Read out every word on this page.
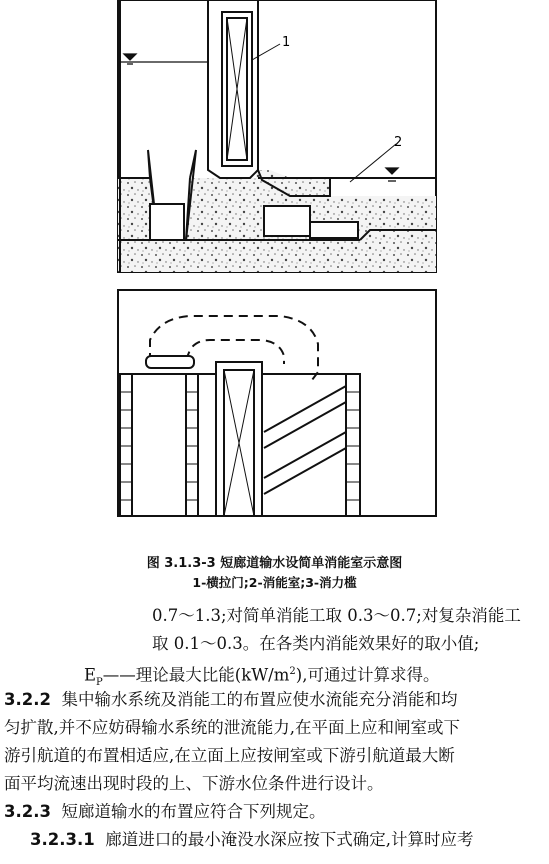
1
2
图 3.1.3-3 短廊道输水设简单消能室示意图
1-横拉门;2-消能室;3-消力槛
0.7～1.3;对简单消能工取 0.3～0.7;对复杂消能工
取 0.1～0.3。在各类内消能效果好的取小值;
$E_P——$理论最大比能$(kW/m^2)$,可通过计算求得。
3.2.2 集中输水系统及消能工的布置应使水流能充分消能和均
匀扩散,并不应妨碍输水系统的泄流能力,在平面上应和闸室或下
游引航道的布置相适应,在立面上应按闸室或下游引航道最大断
面平均流速出现时段的上、下游水位条件进行设计。
3.2.3 短廊道输水的布置应符合下列规定。
3.2.3.1 廊道进口的最小淹没水深应按下式确定,计算时应考
